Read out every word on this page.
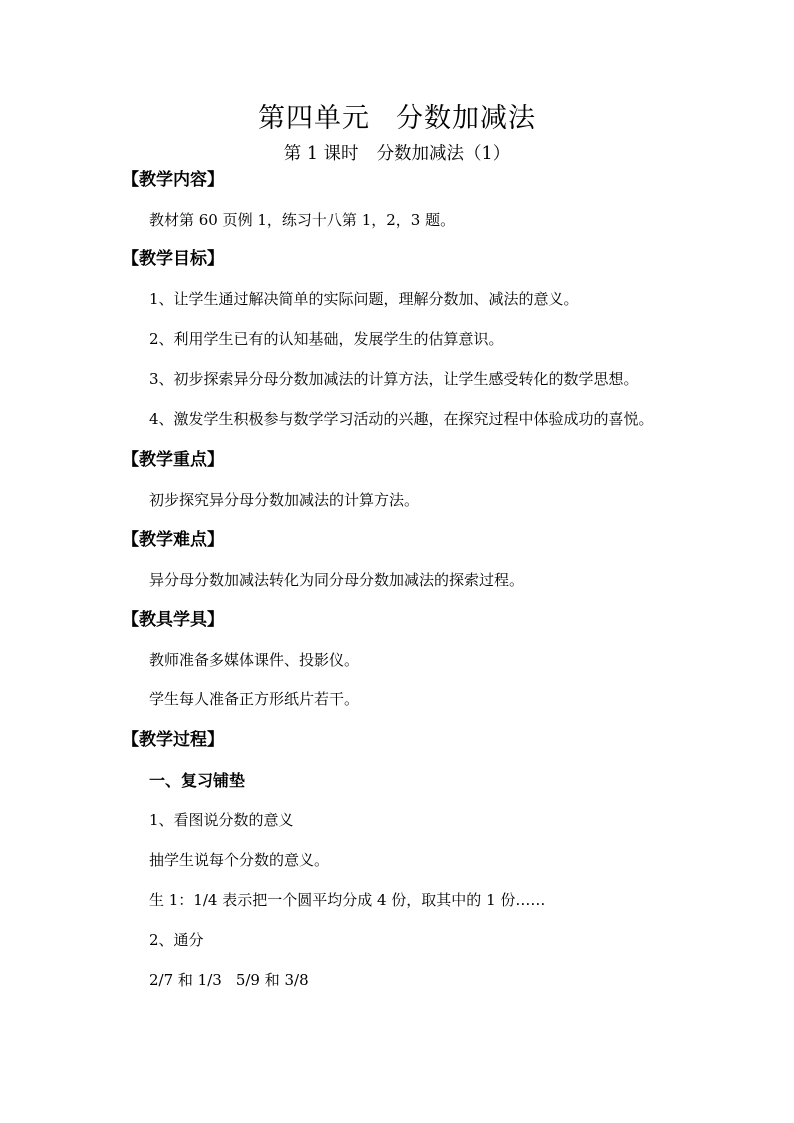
第四单元 分数加减法
第 1 课时 分数加减法（1）
【教学内容】
教材第 60 页例 1，练习十八第 1，2，3 题。
【教学目标】
1、让学生通过解决简单的实际问题，理解分数加、减法的意义。
2、利用学生已有的认知基础，发展学生的估算意识。
3、初步探索异分母分数加减法的计算方法，让学生感受转化的数学思想。
4、激发学生积极参与数学学习活动的兴趣，在探究过程中体验成功的喜悦。
【教学重点】
初步探究异分母分数加减法的计算方法。
【教学难点】
异分母分数加减法转化为同分母分数加减法的探索过程。
【教具学具】
教师准备多媒体课件、投影仪。
学生每人准备正方形纸片若干。
【教学过程】
一、复习铺垫
1、看图说分数的意义
抽学生说每个分数的意义。
生 1：1/4 表示把一个圆平均分成 4 份，取其中的 1 份……
2、通分
2/7 和 1/3 5/9 和 3/8
